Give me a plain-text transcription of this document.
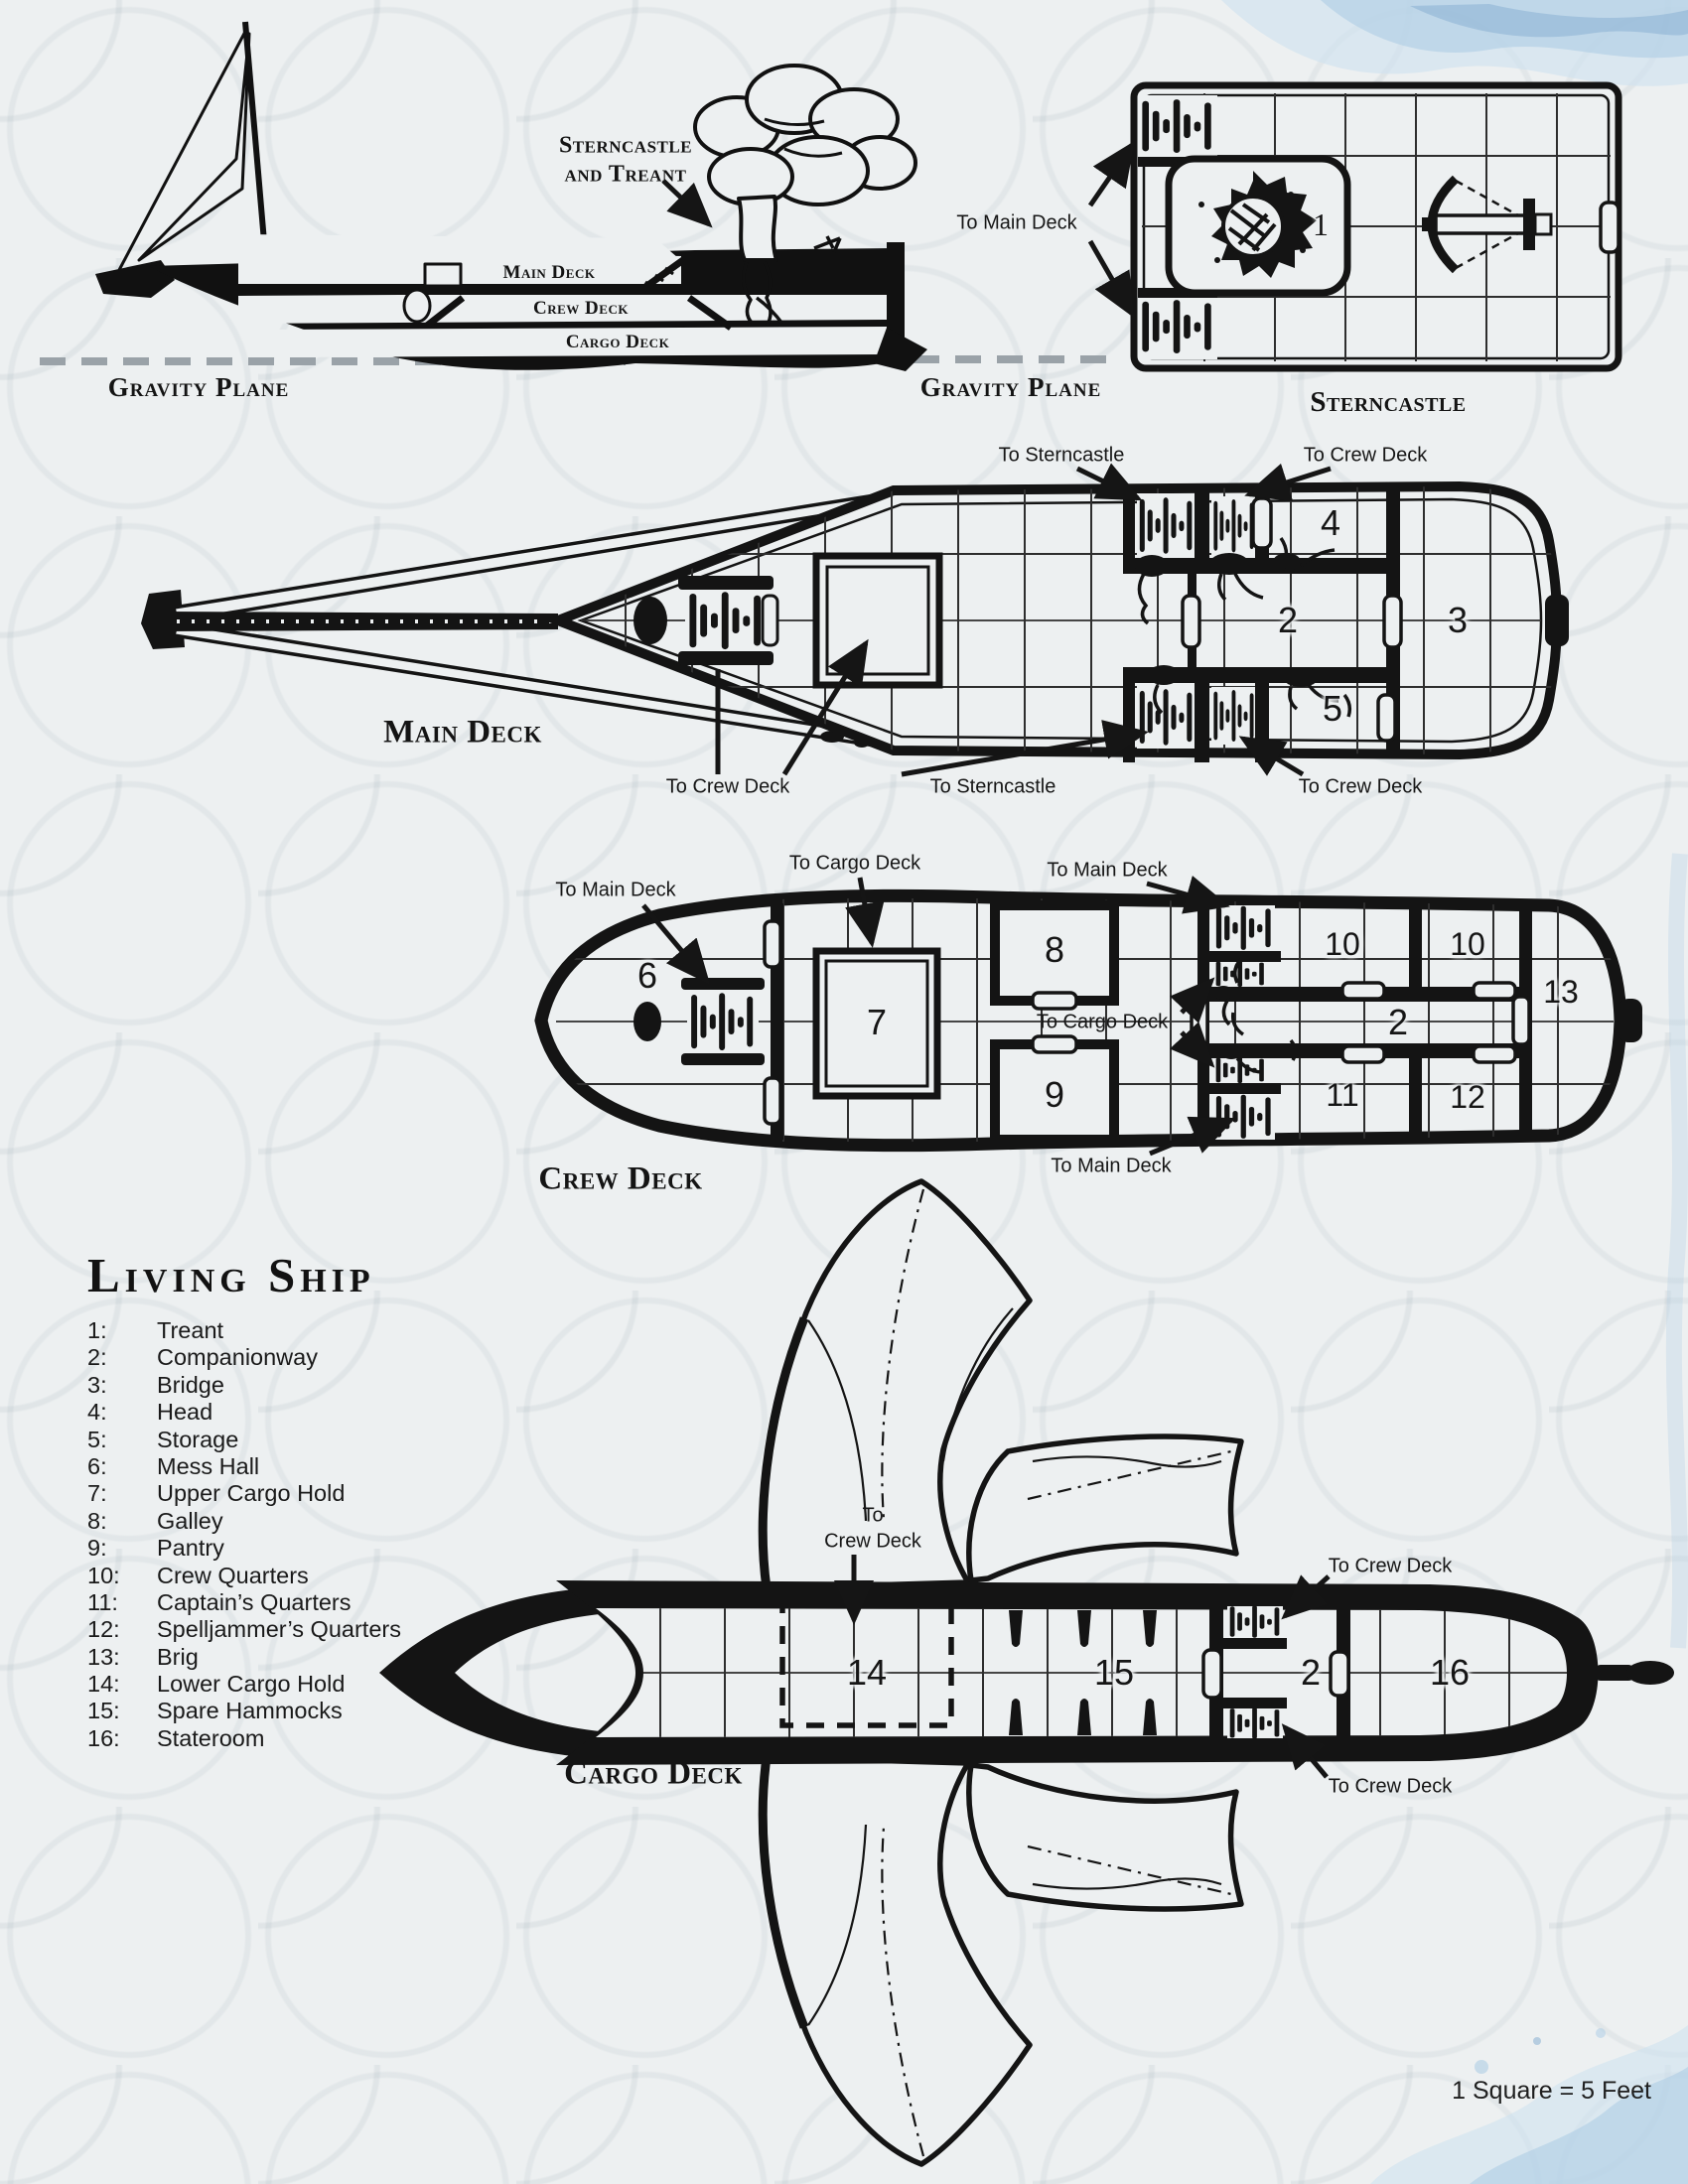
Sterncastle
and Treant
Main Deck
Crew Deck
Cargo Deck
Gravity Plane	Gravity Plane
To Main Deck	1
Sterncastle
Main Deck
To Sterncastle	To Crew Deck
To Crew Deck	To Sterncastle	To Crew Deck
2	3
4
5
Crew Deck
To Main Deck
To Cargo Deck	To Main Deck
To Cargo Deck
To Main Deck
6
7
8
9
10	10
2
11	12
13
Cargo Deck
To
Crew Deck
To Crew Deck
To Crew Deck
14	15	2	16
Living Ship
1:	Treant
2:	Companionway
3:	Bridge
4:	Head
5:	Storage
6:	Mess Hall
7:	Upper Cargo Hold
8:	Galley
9:	Pantry
10:	Crew Quarters
11:	Captain’s Quarters
12:	Spelljammer’s Quarters
13:	Brig
14:	Lower Cargo Hold
15:	Spare Hammocks
16:	Stateroom
1 Square = 5 Feet
